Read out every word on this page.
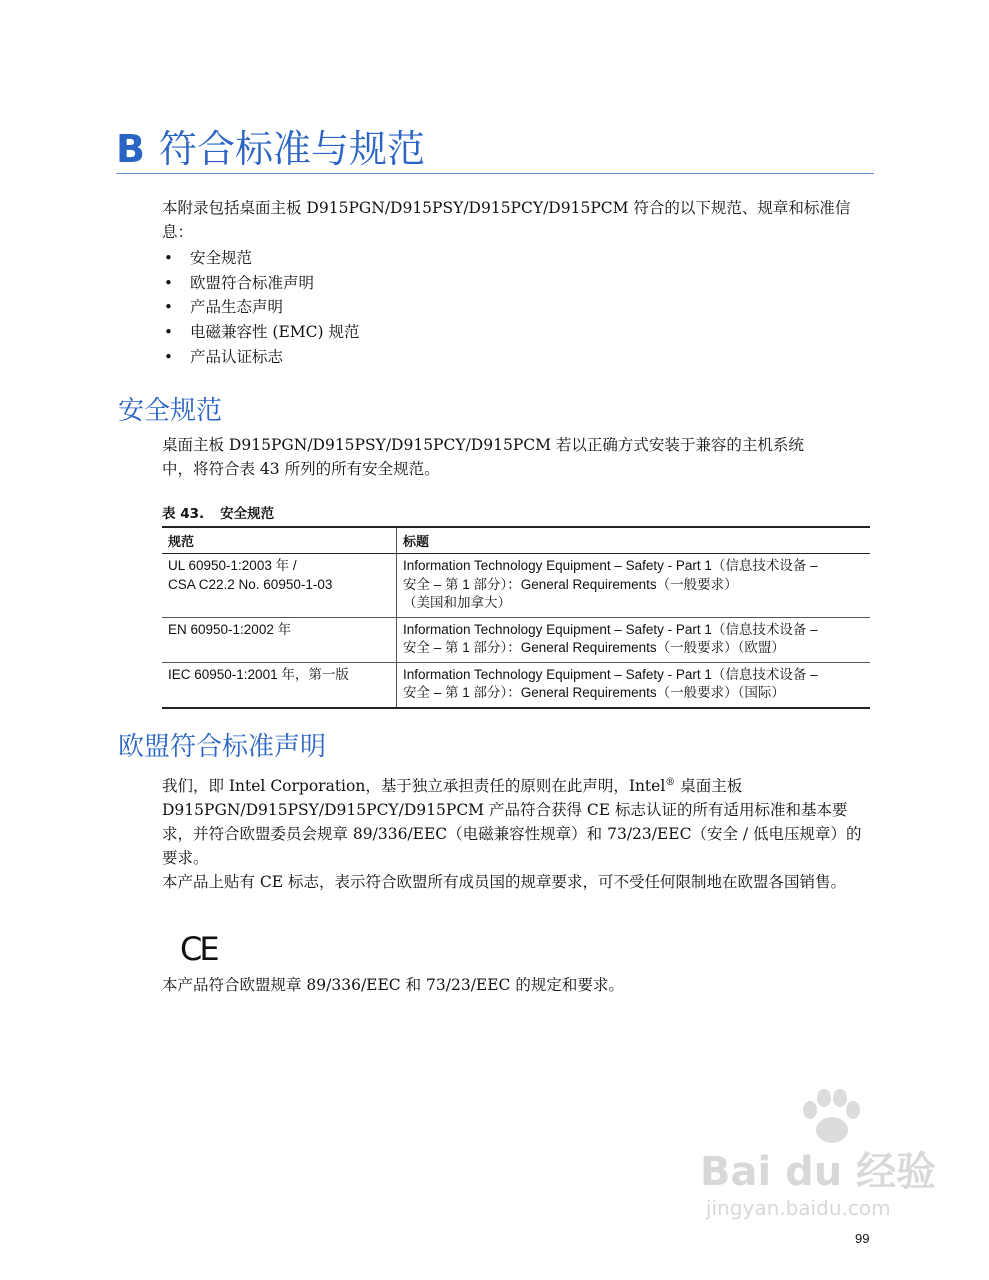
B 符合标准与规范

本附录包括桌面主板 D915PGN/D915PSY/D915PCY/D915PCM 符合的以下规范、规章和标准信息：

• 安全规范
• 欧盟符合标准声明
• 产品生态声明
• 电磁兼容性 (EMC) 规范
• 产品认证标志
安全规范

桌面主板 D915PGN/D915PSY/D915PCY/D915PCM 若以正确方式安装于兼容的主机系统中，将符合表 43 所列的所有安全规范。

表 43. 安全规范

规范	标题

UL 60950-1:2003 年 /
CSA C22.2 No. 60950-1-03	Information Technology Equipment – Safety - Part 1（信息技术设备 –
安全 – 第 1 部分）：General Requirements（一般要求）
（美国和加拿大）

EN 60950-1:2002 年	Information Technology Equipment – Safety - Part 1（信息技术设备 –
安全 – 第 1 部分）：General Requirements（一般要求）（欧盟）

IEC 60950-1:2001 年，第一版	Information Technology Equipment – Safety - Part 1（信息技术设备 –
安全 – 第 1 部分）：General Requirements（一般要求）（国际）
欧盟符合标准声明

我们，即 Intel Corporation，基于独立承担责任的原则在此声明，Intel® 桌面主板 D915PGN/D915PSY/D915PCY/D915PCM 产品符合获得 CE 标志认证的所有适用标准和基本要求，并符合欧盟委员会规章 89/336/EEC（电磁兼容性规章）和 73/23/EEC（安全 / 低电压规章）的要求。

本产品上贴有 CE 标志，表示符合欧盟所有成员国的规章要求，可不受任何限制地在欧盟各国销售。

CE

本产品符合欧盟规章 89/336/EEC 和 73/23/EEC 的规定和要求。

Bai du 经验
jingyan.baidu.com
99
